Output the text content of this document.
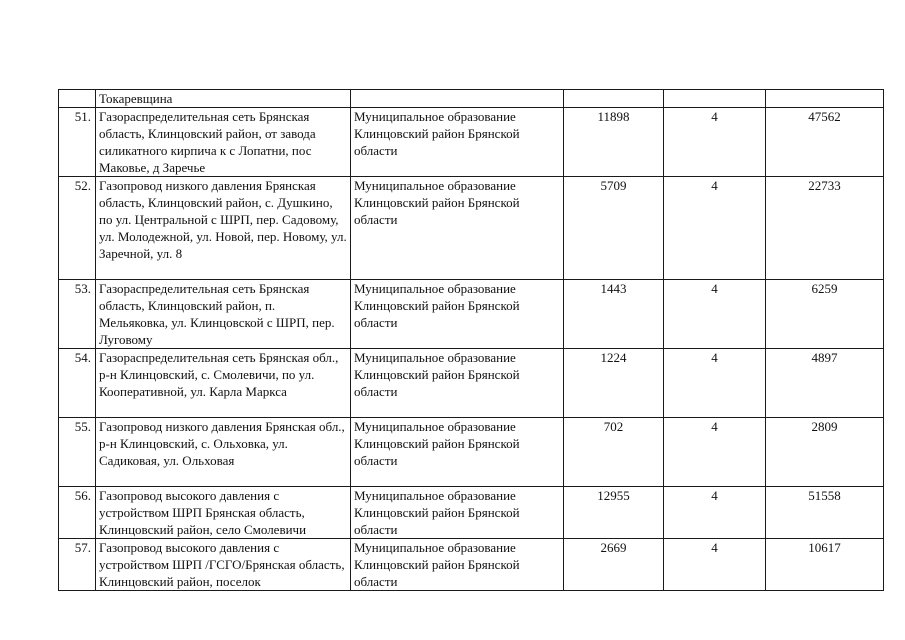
	Токаревщина				
51.	Газораспределительная сеть Брянская область, Клинцовский район, от завода силикатного кирпича к с Лопатни, пос Маковье, д Заречье	Муниципальное образование Клинцовский район Брянской области	11898	4	47562
52.	Газопровод низкого давления Брянская область, Клинцовский район, с. Душкино, по ул. Центральной с ШРП, пер. Садовому, ул. Молодежной, ул. Новой, пер. Новому, ул. Заречной, ул. 8	Муниципальное образование Клинцовский район Брянской области	5709	4	22733
53.	Газораспределительная сеть Брянская область, Клинцовский район, п. Мельяковка, ул. Клинцовской с ШРП, пер. Луговому	Муниципальное образование Клинцовский район Брянской области	1443	4	6259
54.	Газораспределительная сеть Брянская обл., р-н Клинцовский, с. Смолевичи, по ул. Кооперативной, ул. Карла Маркса	Муниципальное образование Клинцовский район Брянской области	1224	4	4897
55.	Газопровод низкого давления Брянская обл., р-н Клинцовский, с. Ольховка, ул. Садиковая, ул. Ольховая	Муниципальное образование Клинцовский район Брянской области	702	4	2809
56.	Газопровод высокого давления с устройством ШРП Брянская область, Клинцовский район, село Смолевичи	Муниципальное образование Клинцовский район Брянской области	12955	4	51558
57.	Газопровод высокого давления с устройством ШРП /ГСГО/Брянская область, Клинцовский район, поселок	Муниципальное образование Клинцовский район Брянской области	2669	4	10617
